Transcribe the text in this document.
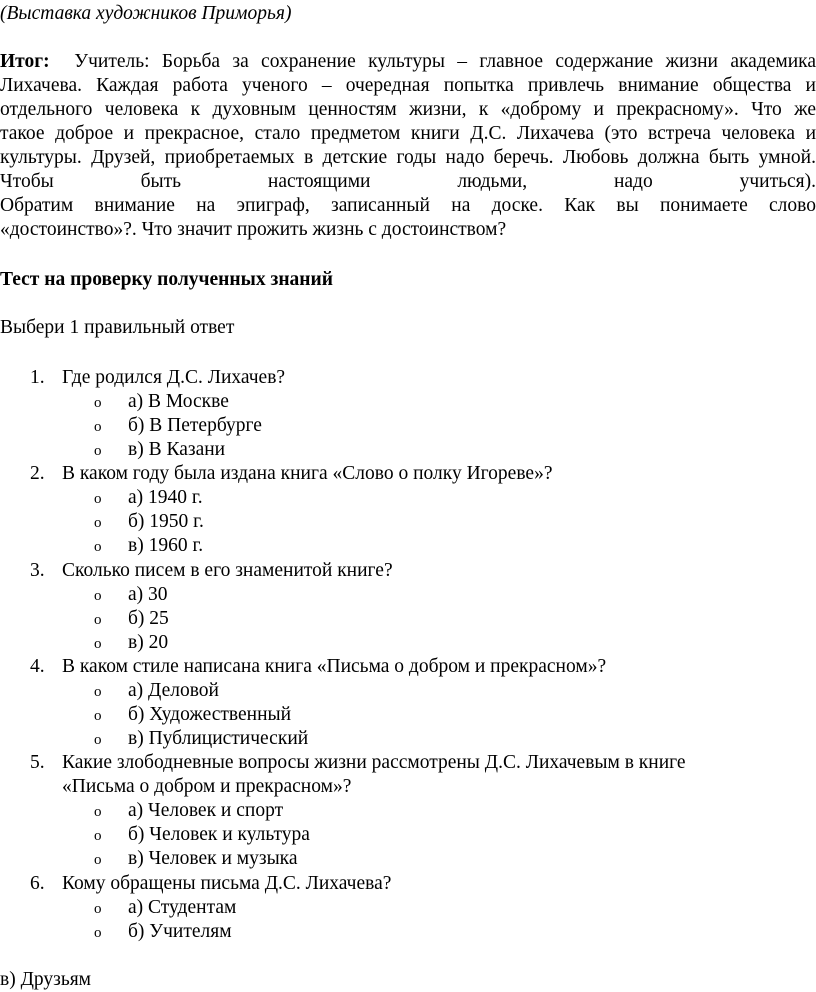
(Выставка художников Приморья)
Итог: Учитель: Борьба за сохранение культуры – главное содержание жизни академика
Лихачева. Каждая работа ученого – очередная попытка привлечь внимание общества и
отдельного человека к духовным ценностям жизни, к «доброму и прекрасному». Что же
такое доброе и прекрасное, стало предметом книги Д.С. Лихачева (это встреча человека и
культуры. Друзей, приобретаемых в детские годы надо беречь. Любовь должна быть умной.
Чтобы быть настоящими людьми, надо учиться).
Обратим внимание на эпиграф, записанный на доске. Как вы понимаете слово
«достоинство»?. Что значит прожить жизнь с достоинством?
Тест на проверку полученных знаний
Выбери 1 правильный ответ
1. Где родился Д.С. Лихачев?
o а) В Москве
o б) В Петербурге
o в) В Казани
2. В каком году была издана книга «Слово о полку Игореве»?
o а) 1940 г.
o б) 1950 г.
o в) 1960 г.
3. Сколько писем в его знаменитой книге?
o а) 30
o б) 25
o в) 20
4. В каком стиле написана книга «Письма о добром и прекрасном»?
o а) Деловой
o б) Художественный
o в) Публицистический
5. Какие злободневные вопросы жизни рассмотрены Д.С. Лихачевым в книге
«Письма о добром и прекрасном»?
o а) Человек и спорт
o б) Человек и культура
o в) Человек и музыка
6. Кому обращены письма Д.С. Лихачева?
o а) Студентам
o б) Учителям
в) Друзьям
